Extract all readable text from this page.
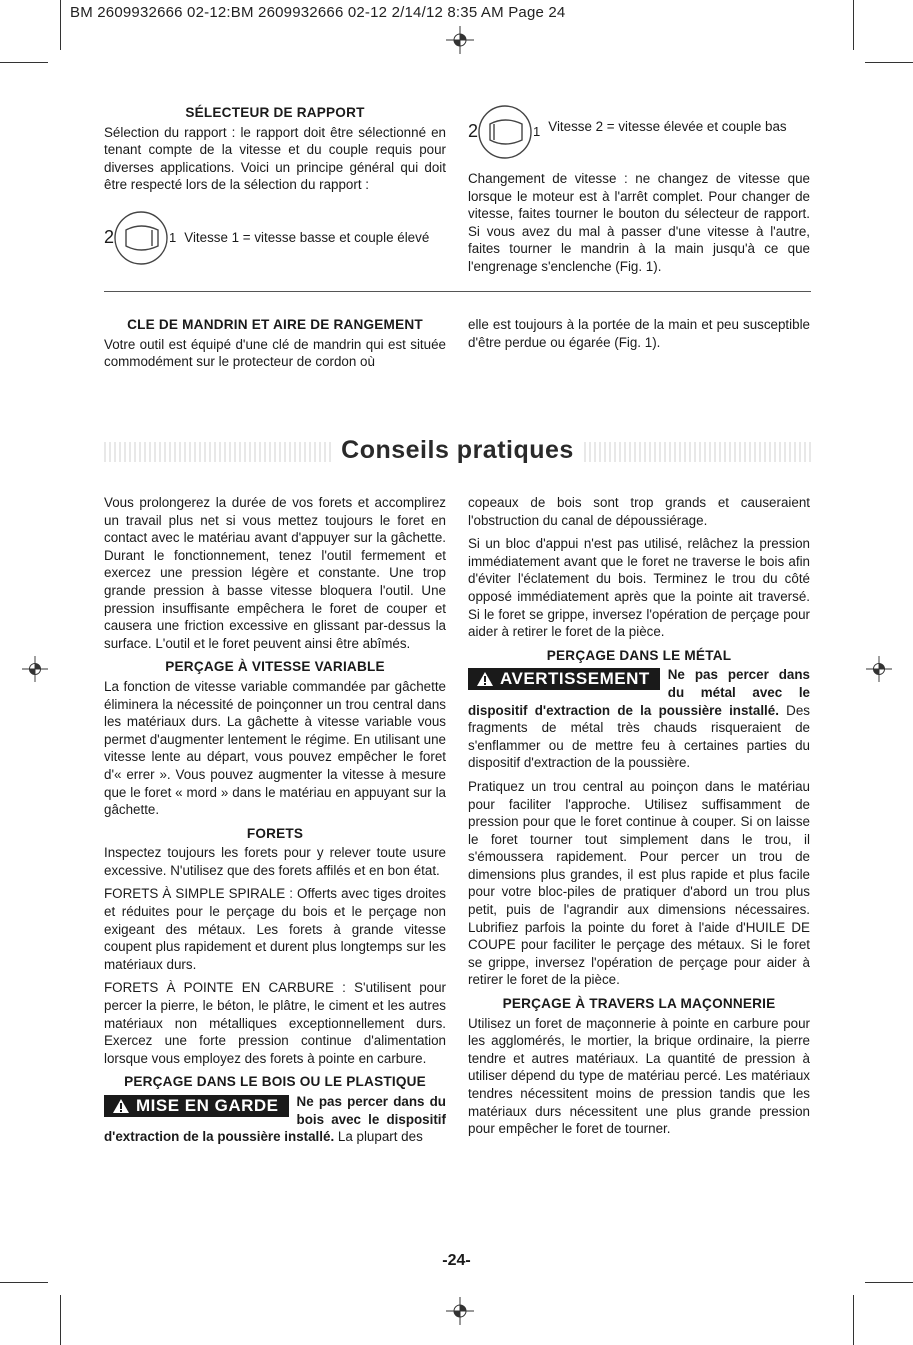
BM 2609932666 02-12:BM 2609932666 02-12 2/14/12 8:35 AM Page 24
SÉLECTEUR DE RAPPORT

Sélection du rapport : le rapport doit être sélectionné en tenant compte de la vitesse et du couple requis pour diverses applications. Voici un principe général qui doit être respecté lors de la sélection du rapport :

2	1 Vitesse 1 = vitesse basse et couple élevé
2	1 Vitesse 2 = vitesse élevée et couple bas

Changement de vitesse : ne changez de vitesse que lorsque le moteur est à l'arrêt complet. Pour changer de vitesse, faites tourner le bouton du sélecteur de rapport. Si vous avez du mal à passer d'une vitesse à l'autre, faites tourner le mandrin à la main jusqu'à ce que l'engrenage s'enclenche (Fig. 1).

CLE DE MANDRIN ET AIRE DE RANGEMENT

Votre outil est équipé d'une clé de mandrin qui est située commodément sur le protecteur de cordon où

elle est toujours à la portée de la main et peu susceptible d'être perdue ou égarée (Fig. 1).

Conseils pratiques

Vous prolongerez la durée de vos forets et accomplirez un travail plus net si vous mettez toujours le foret en contact avec le matériau avant d'appuyer sur la gâchette. Durant le fonctionnement, tenez l'outil fermement et exercez une pression légère et constante. Une trop grande pression à basse vitesse bloquera l'outil. Une pression insuffisante empêchera le foret de couper et causera une friction excessive en glissant par-dessus la surface. L'outil et le foret peuvent ainsi être abîmés.

PERÇAGE À VITESSE VARIABLE

La fonction de vitesse variable commandée par gâchette éliminera la nécessité de poinçonner un trou central dans les matériaux durs. La gâchette à vitesse variable vous permet d'augmenter lentement le régime. En utilisant une vitesse lente au départ, vous pouvez empêcher le foret d'« errer ». Vous pouvez augmenter la vitesse à mesure que le foret « mord » dans le matériau en appuyant sur la gâchette.

FORETS

Inspectez toujours les forets pour y relever toute usure excessive. N'utilisez que des forets affilés et en bon état.

FORETS À SIMPLE SPIRALE : Offerts avec tiges droites et réduites pour le perçage du bois et le perçage non exigeant des métaux. Les forets à grande vitesse coupent plus rapidement et durent plus longtemps sur les matériaux durs.

FORETS À POINTE EN CARBURE : S'utilisent pour percer la pierre, le béton, le plâtre, le ciment et les autres matériaux non métalliques exceptionnellement durs. Exercez une forte pression continue d'alimentation lorsque vous employez des forets à pointe en carbure.

PERÇAGE DANS LE BOIS OU LE PLASTIQUE

MISE EN GARDE Ne pas percer dans du bois avec le dispositif d'extraction de la poussière installé. La plupart des

copeaux de bois sont trop grands et causeraient l'obstruction du canal de dépoussiérage.

Si un bloc d'appui n'est pas utilisé, relâchez la pression immédiatement avant que le foret ne traverse le bois afin d'éviter l'éclatement du bois. Terminez le trou du côté opposé immédiatement après que la pointe ait traversé. Si le foret se grippe, inversez l'opération de perçage pour aider à retirer le foret de la pièce.

PERÇAGE DANS LE MÉTAL

AVERTISSEMENT Ne pas percer dans du métal avec le dispositif d'extraction de la poussière installé. Des fragments de métal très chauds risqueraient de s'enflammer ou de mettre feu à certaines parties du dispositif d'extraction de la poussière.

Pratiquez un trou central au poinçon dans le matériau pour faciliter l'approche. Utilisez suffisamment de pression pour que le foret continue à couper. Si on laisse le foret tourner tout simplement dans le trou, il s'émoussera rapidement. Pour percer un trou de dimensions plus grandes, il est plus rapide et plus facile pour votre bloc-piles de pratiquer d'abord un trou plus petit, puis de l'agrandir aux dimensions nécessaires. Lubrifiez parfois la pointe du foret à l'aide d'HUILE DE COUPE pour faciliter le perçage des métaux. Si le foret se grippe, inversez l'opération de perçage pour aider à retirer le foret de la pièce.

PERÇAGE À TRAVERS LA MAÇONNERIE

Utilisez un foret de maçonnerie à pointe en carbure pour les agglomérés, le mortier, la brique ordinaire, la pierre tendre et autres matériaux. La quantité de pression à utiliser dépend du type de matériau percé. Les matériaux tendres nécessitent moins de pression tandis que les matériaux durs nécessitent une plus grande pression pour empêcher le foret de tourner.

-24-
